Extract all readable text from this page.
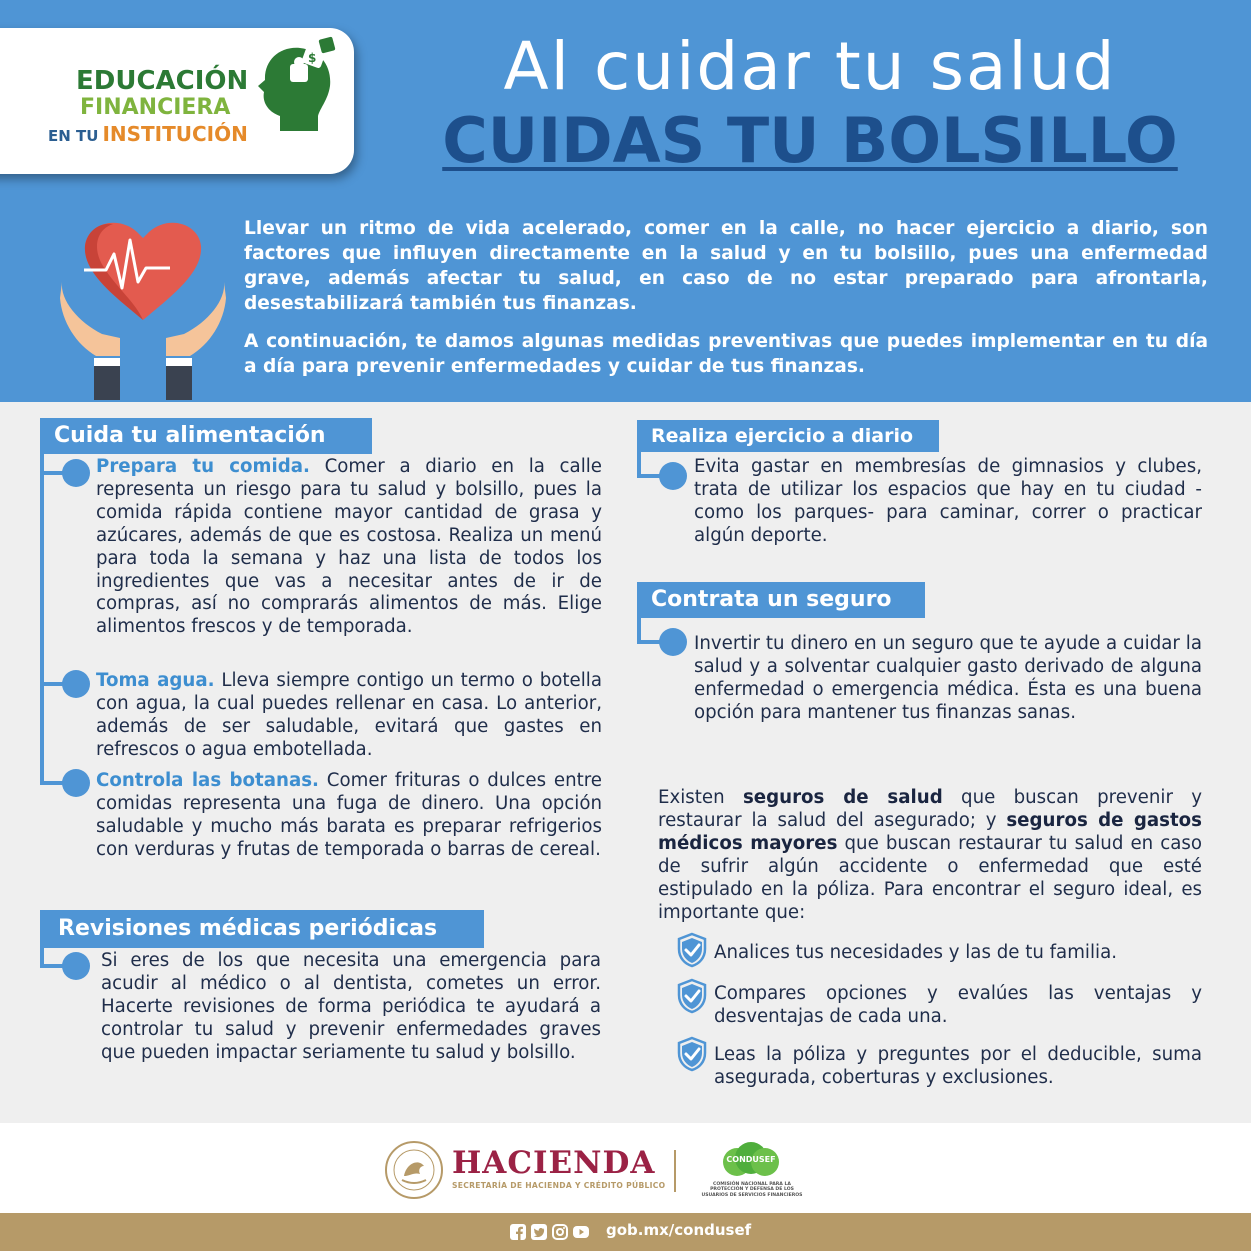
EDUCACIÓN
FINANCIERA
EN TU INSTITUCIÓN
$	Al cuidar tu salud
CUIDAS TU BOLSILLO

Llevar un ritmo de vida acelerado, comer en la calle, no hacer ejercicio a diario, son factores que influyen directamente en la salud y en tu bolsillo, pues una enfermedad grave, además afectar tu salud, en caso de no estar preparado para afrontarla, desestabilizará también tus finanzas.

A continuación, te damos algunas medidas preventivas que puedes implementar en tu día a día para prevenir enfermedades y cuidar de tus finanzas.

Cuida tu alimentación
Prepara tu comida. Comer a diario en la calle representa un riesgo para tu salud y bolsillo, pues la comida rápida contiene mayor cantidad de grasa y azúcares, además de que es costosa. Realiza un menú para toda la semana y haz una lista de todos los ingredientes que vas a necesitar antes de ir de compras, así no comprarás alimentos de más. Elige alimentos frescos y de temporada.
Toma agua. Lleva siempre contigo un termo o botella con agua, la cual puedes rellenar en casa. Lo anterior, además de ser saludable, evitará que gastes en refrescos o agua embotellada.
Controla las botanas. Comer frituras o dulces entre comidas representa una fuga de dinero. Una opción saludable y mucho más barata es preparar refrigerios con verduras y frutas de temporada o barras de cereal.
Revisiones médicas periódicas
Si eres de los que necesita una emergencia para acudir al médico o al dentista, cometes un error. Hacerte revisiones de forma periódica te ayudará a controlar tu salud y prevenir enfermedades graves que pueden impactar seriamente tu salud y bolsillo.
Realiza ejercicio a diario
Evita gastar en membresías de gimnasios y clubes, trata de utilizar los espacios que hay en tu ciudad -como los parques- para caminar, correr o practicar algún deporte.
Contrata un seguro
Invertir tu dinero en un seguro que te ayude a cuidar la salud y a solventar cualquier gasto derivado de alguna enfermedad o emergencia médica. Ésta es una buena opción para mantener tus finanzas sanas.
Existen seguros de salud que buscan prevenir y restaurar la salud del asegurado; y seguros de gastos médicos mayores que buscan restaurar tu salud en caso de sufrir algún accidente o enfermedad que esté estipulado en la póliza. Para encontrar el seguro ideal, es importante que:
Analices tus necesidades y las de tu familia.
Compares opciones y evalúes las ventajas y desventajas de cada una.
Leas la póliza y preguntes por el deducible, suma asegurada, coberturas y exclusiones.
HACIENDA
SECRETARÍA DE HACIENDA Y CRÉDITO PÚBLICO
CONDUSEF
COMISIÓN NACIONAL PARA LA PROTECCIÓN Y DEFENSA DE LOS USUARIOS DE SERVICIOS FINANCIEROS
gob.mx/condusef
